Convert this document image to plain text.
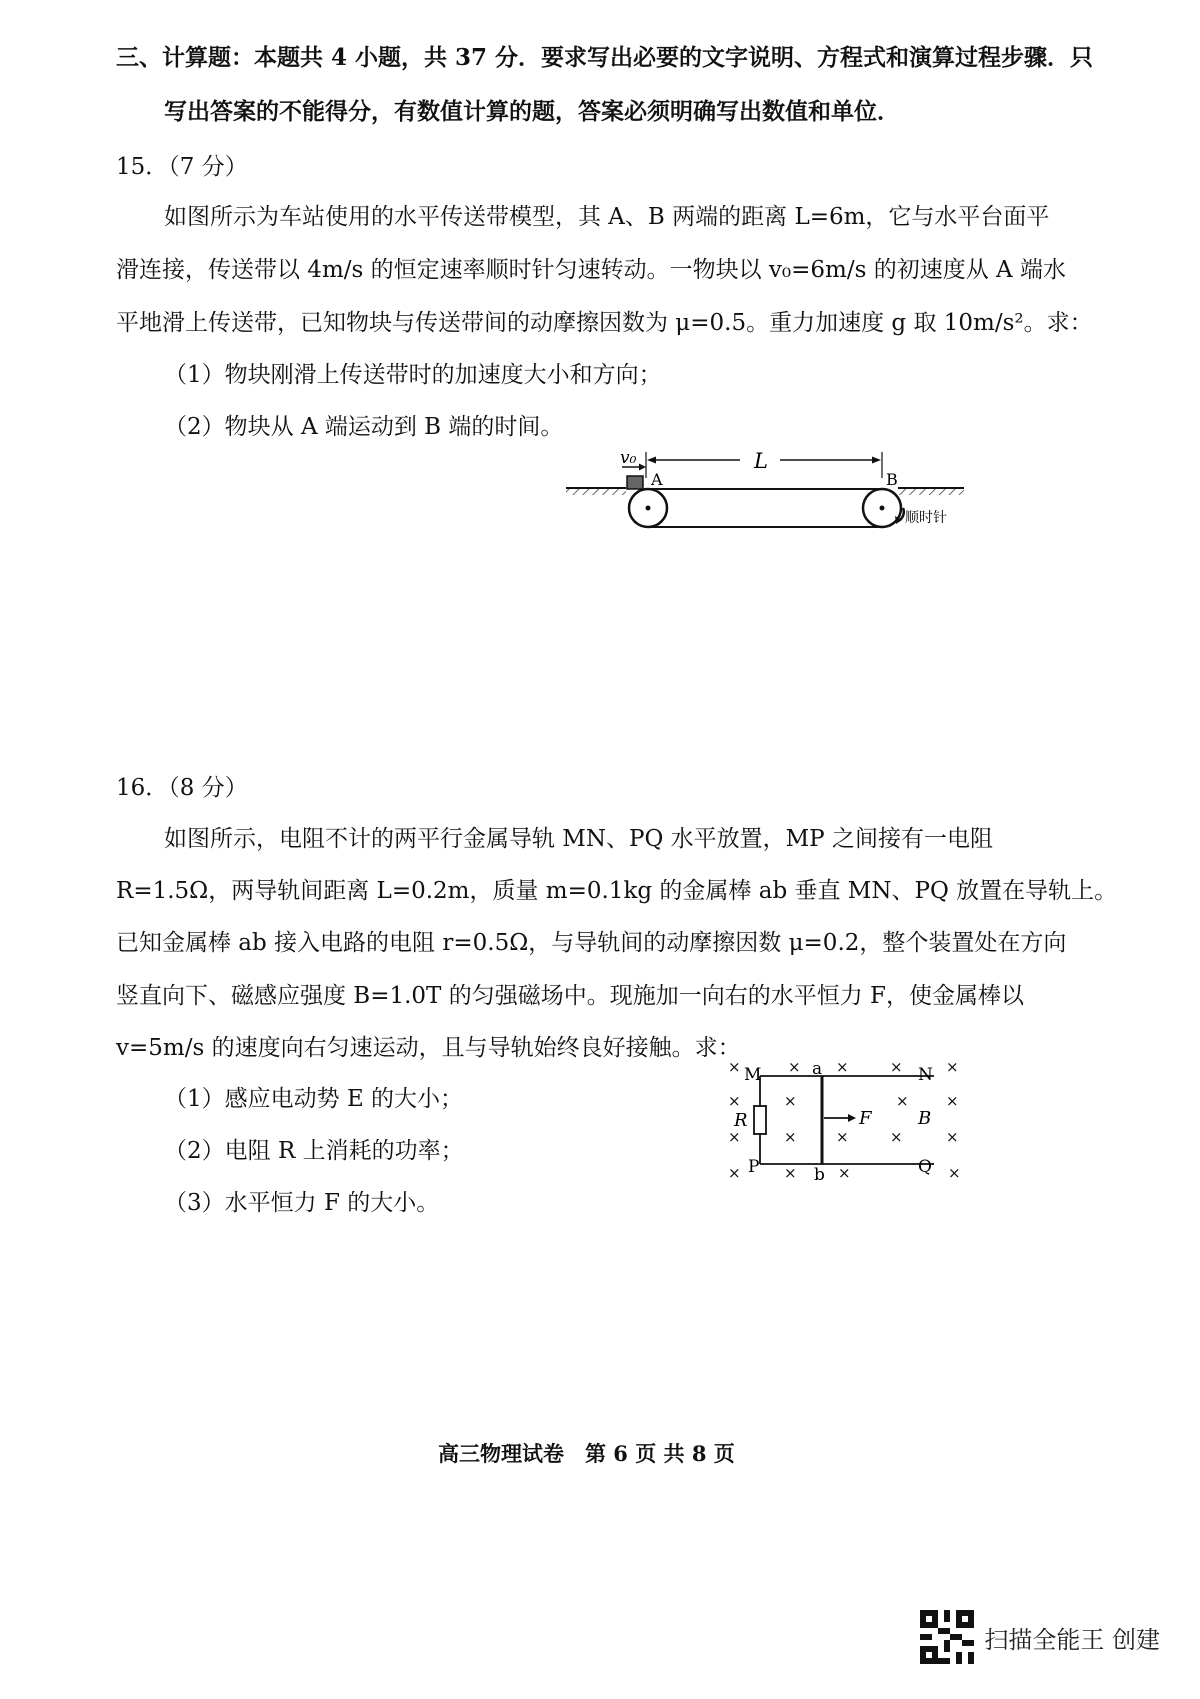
三、计算题：本题共 4 小题，共 37 分．要求写出必要的文字说明、方程式和演算过程步骤．只
写出答案的不能得分，有数值计算的题，答案必须明确写出数值和单位．
15．（7 分）
如图所示为车站使用的水平传送带模型，其 A、B 两端的距离 L=6m，它与水平台面平
滑连接，传送带以 4m/s 的恒定速率顺时针匀速转动。一物块以 v₀=6m/s 的初速度从 A 端水
平地滑上传送带，已知物块与传送带间的动摩擦因数为 μ=0.5。重力加速度 g 取 10m/s²。求：
（1）物块刚滑上传送带时的加速度大小和方向；
（2）物块从 A 端运动到 B 端的时间。
v₀	L
A	B
顺时针
16．（8 分）
如图所示，电阻不计的两平行金属导轨 MN、PQ 水平放置，MP 之间接有一电阻
R=1.5Ω，两导轨间距离 L=0.2m，质量 m=0.1kg 的金属棒 ab 垂直 MN、PQ 放置在导轨上。
已知金属棒 ab 接入电路的电阻 r=0.5Ω，与导轨间的动摩擦因数 μ=0.2，整个装置处在方向
竖直向下、磁感应强度 B=1.0T 的匀强磁场中。现施加一向右的水平恒力 F，使金属棒以
v=5m/s 的速度向右匀速运动，且与导轨始终良好接触。求：
（1）感应电动势 E 的大小；
（2）电阻 R 上消耗的功率；
（3）水平恒力 F 的大小。
×	× ×	×	×
×	×	× ×
×	×	×	×	×
×	×	×	×
M	N
P	Q
a
b
R	F	B
高三物理试卷　第 6 页 共 8 页
扫描全能王 创建
